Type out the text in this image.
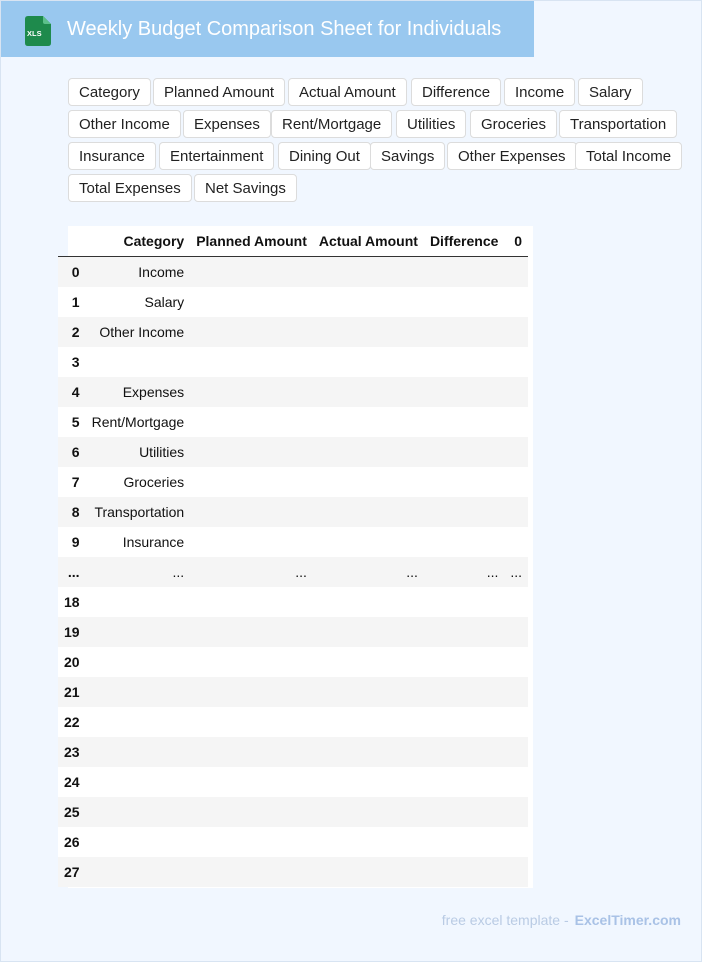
XLS Weekly Budget Comparison Sheet for Individuals
Category	Planned Amount	Actual Amount	Difference	Income	Salary
Other Income	Expenses	Rent/Mortgage	Utilities	Groceries	Transportation
Insurance	Entertainment	Dining Out	Savings	Other Expenses	Total Income
Total Expenses	Net Savings
	Category	Planned Amount	Actual Amount	Difference	0
0	Income				
1	Salary				
2	Other Income				
3					
4	Expenses				
5	Rent/Mortgage				
6	Utilities				
7	Groceries				
8	Transportation				
9	Insurance				
...	...	...	...	...	...
18					
19					
20					
21					
22					
23					
24					
25					
26					
27					
free excel template - ExcelTimer.com
